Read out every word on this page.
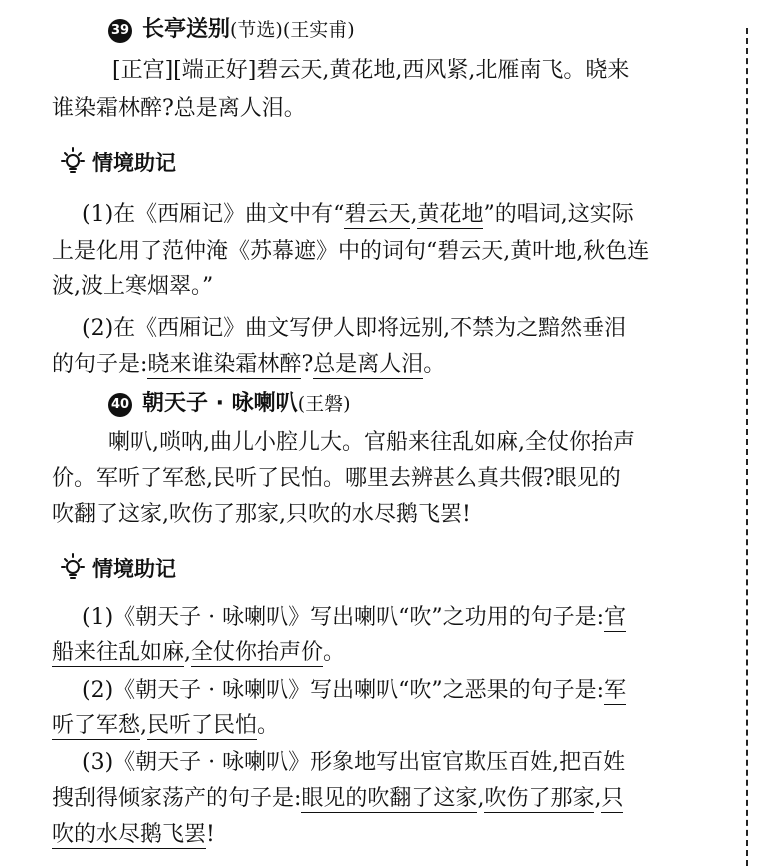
39 长亭送别(节选)(王实甫)
[正宫][端正好]碧云天,黄花地,西风紧,北雁南飞。晓来
谁染霜林醉?总是离人泪。
情境助记
(1)在《西厢记》曲文中有“碧云天,黄花地”的唱词,这实际
上是化用了范仲淹《苏幕遮》中的词句“碧云天,黄叶地,秋色连
波,波上寒烟翠。”
(2)在《西厢记》曲文写伊人即将远别,不禁为之黯然垂泪
的句子是:晓来谁染霜林醉?总是离人泪。
40 朝天子 · 咏喇叭(王磐)
喇叭,唢呐,曲儿小腔儿大。官船来往乱如麻,全仗你抬声
价。军听了军愁,民听了民怕。哪里去辨甚么真共假?眼见的
吹翻了这家,吹伤了那家,只吹的水尽鹅飞罢!
情境助记
(1)《朝天子 · 咏喇叭》写出喇叭“吹”之功用的句子是:官
船来往乱如麻,全仗你抬声价。
(2)《朝天子 · 咏喇叭》写出喇叭“吹”之恶果的句子是:军
听了军愁,民听了民怕。
(3)《朝天子 · 咏喇叭》形象地写出宦官欺压百姓,把百姓
搜刮得倾家荡产的句子是:眼见的吹翻了这家,吹伤了那家,只
吹的水尽鹅飞罢!
